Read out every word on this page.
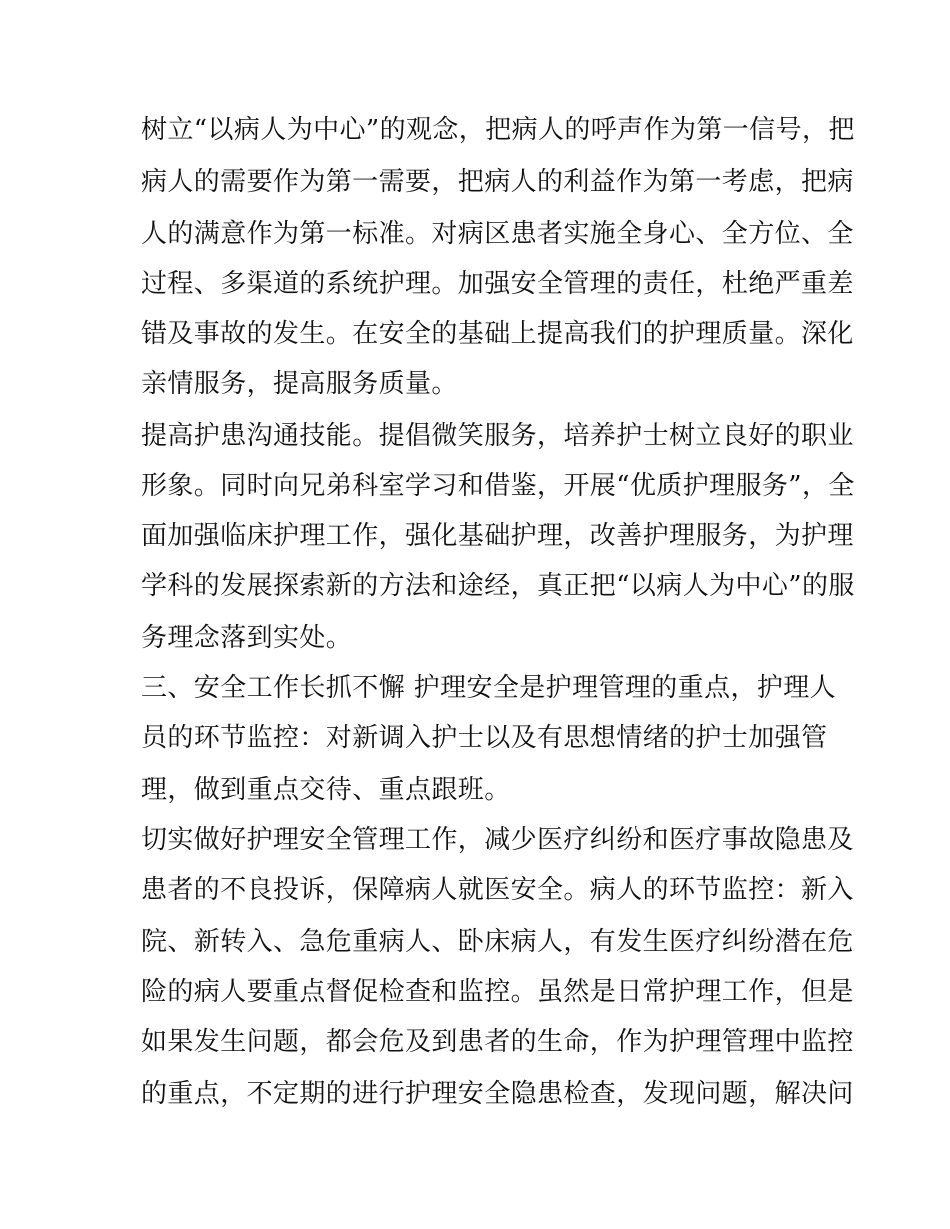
树立“以病人为中心”的观念，把病人的呼声作为第一信号，把
病人的需要作为第一需要，把病人的利益作为第一考虑，把病
人的满意作为第一标准。对病区患者实施全身心、全方位、全
过程、多渠道的系统护理。加强安全管理的责任，杜绝严重差
错及事故的发生。在安全的基础上提高我们的护理质量。深化
亲情服务，提高服务质量。
提高护患沟通技能。提倡微笑服务，培养护士树立良好的职业
形象。同时向兄弟科室学习和借鉴，开展“优质护理服务”，全
面加强临床护理工作，强化基础护理，改善护理服务，为护理
学科的发展探索新的方法和途经，真正把“以病人为中心”的服
务理念落到实处。
三、安全工作长抓不懈 护理安全是护理管理的重点，护理人
员的环节监控：对新调入护士以及有思想情绪的护士加强管
理，做到重点交待、重点跟班。
切实做好护理安全管理工作，减少医疗纠纷和医疗事故隐患及
患者的不良投诉，保障病人就医安全。病人的环节监控：新入
院、新转入、急危重病人、卧床病人，有发生医疗纠纷潜在危
险的病人要重点督促检查和监控。虽然是日常护理工作，但是
如果发生问题，都会危及到患者的生命，作为护理管理中监控
的重点，不定期的进行护理安全隐患检查，发现问题，解决问
